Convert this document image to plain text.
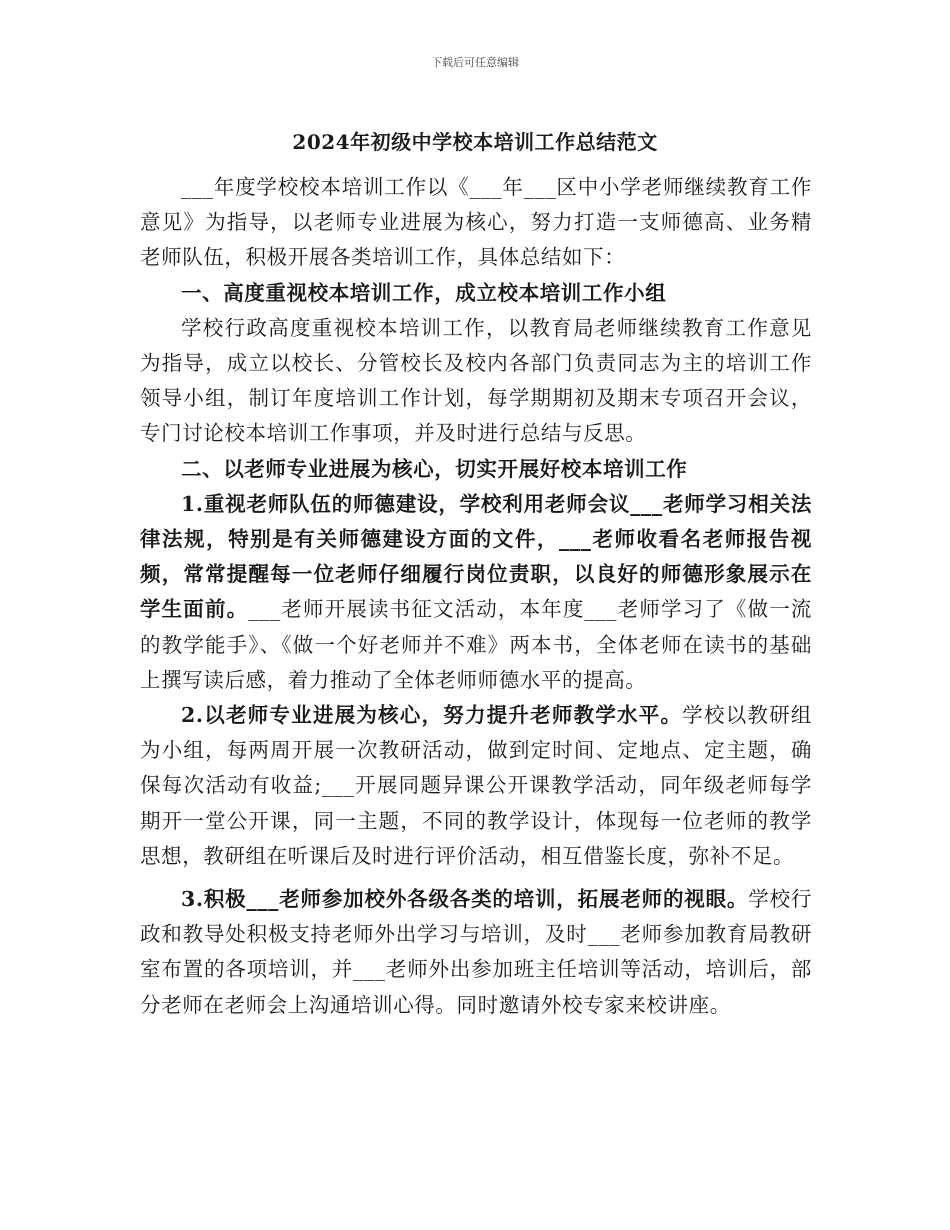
下载后可任意编辑
2024年初级中学校本培训工作总结范文

___年度学校校本培训工作以《___年___区中小学老师继续教育工作意见》为指导，以老师专业进展为核心，努力打造一支师德高、业务精老师队伍，积极开展各类培训工作，具体总结如下：

一、高度重视校本培训工作，成立校本培训工作小组

学校行政高度重视校本培训工作，以教育局老师继续教育工作意见为指导，成立以校长、分管校长及校内各部门负责同志为主的培训工作领导小组，制订年度培训工作计划，每学期期初及期末专项召开会议，专门讨论校本培训工作事项，并及时进行总结与反思。

二、以老师专业进展为核心，切实开展好校本培训工作

1.重视老师队伍的师德建设，学校利用老师会议___老师学习相关法律法规，特别是有关师德建设方面的文件，___老师收看名老师报告视频，常常提醒每一位老师仔细履行岗位责职，以良好的师德形象展示在学生面前。___老师开展读书征文活动，本年度___老师学习了《做一流的教学能手》、《做一个好老师并不难》两本书，全体老师在读书的基础上撰写读后感，着力推动了全体老师师德水平的提高。

2.以老师专业进展为核心，努力提升老师教学水平。学校以教研组为小组，每两周开展一次教研活动，做到定时间、定地点、定主题，确保每次活动有收益;___开展同题异课公开课教学活动，同年级老师每学期开一堂公开课，同一主题，不同的教学设计，体现每一位老师的教学思想，教研组在听课后及时进行评价活动，相互借鉴长度，弥补不足。

3.积极___老师参加校外各级各类的培训，拓展老师的视眼。学校行政和教导处积极支持老师外出学习与培训，及时___老师参加教育局教研室布置的各项培训，并___老师外出参加班主任培训等活动，培训后，部分老师在老师会上沟通培训心得。同时邀请外校专家来校讲座。
